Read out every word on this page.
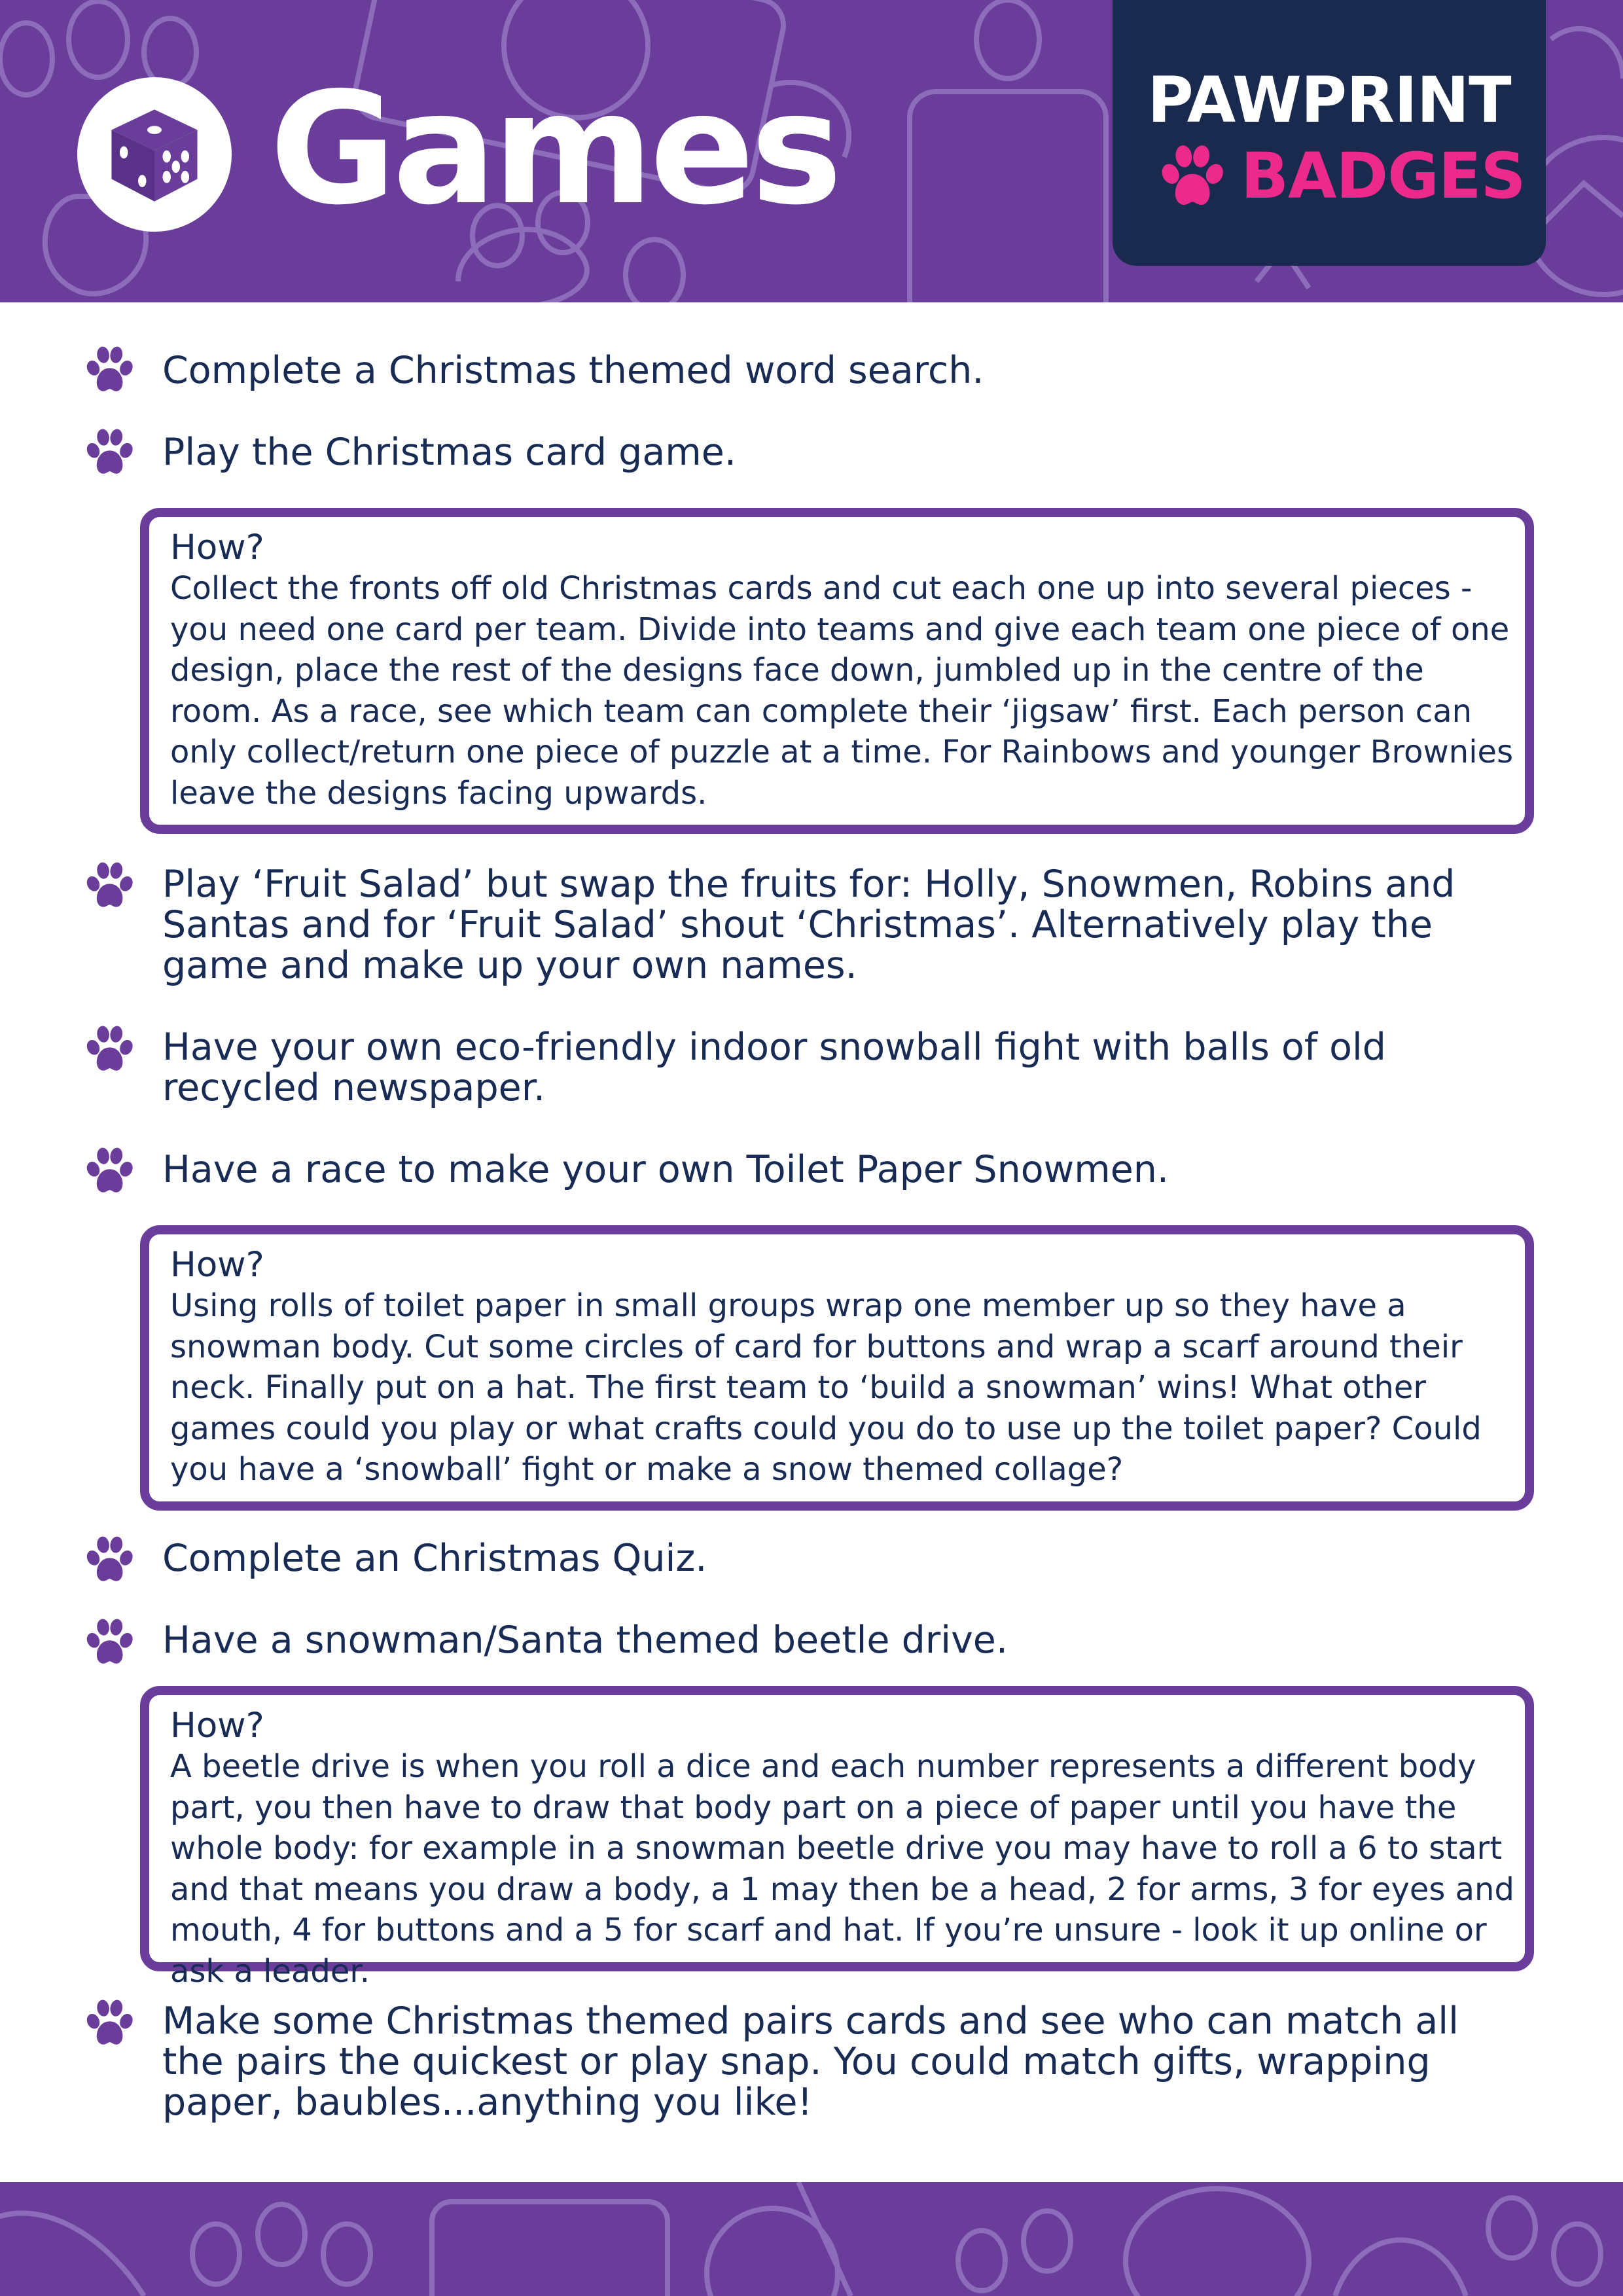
Games	PAWPRINT
BADGES

Complete a Christmas themed word search.

Play the Christmas card game.

How?

Collect the fronts off old Christmas cards and cut each one up into several pieces - you need one card per team. Divide into teams and give each team one piece of one design, place the rest of the designs face down, jumbled up in the centre of the room. As a race, see which team can complete their ‘jigsaw’ first. Each person can only collect/return one piece of puzzle at a time. For Rainbows and younger Brownies leave the designs facing upwards.

Play ‘Fruit Salad’ but swap the fruits for: Holly, Snowmen, Robins and Santas and for ‘Fruit Salad’ shout ‘Christmas’. Alternatively play the game and make up your own names.

Have your own eco-friendly indoor snowball fight with balls of old recycled newspaper.

Have a race to make your own Toilet Paper Snowmen.

How?

Using rolls of toilet paper in small groups wrap one member up so they have a snowman body. Cut some circles of card for buttons and wrap a scarf around their neck. Finally put on a hat. The first team to ‘build a snowman’ wins! What other games could you play or what crafts could you do to use up the toilet paper? Could you have a ‘snowball’ fight or make a snow themed collage?

Complete an Christmas Quiz.

Have a snowman/Santa themed beetle drive.

How?

A beetle drive is when you roll a dice and each number represents a different body part, you then have to draw that body part on a piece of paper until you have the whole body: for example in a snowman beetle drive you may have to roll a 6 to start and that means you draw a body, a 1 may then be a head, 2 for arms, 3 for eyes and mouth, 4 for buttons and a 5 for scarf and hat. If you’re unsure - look it up online or ask a leader.

Make some Christmas themed pairs cards and see who can match all the pairs the quickest or play snap. You could match gifts, wrapping paper, baubles...anything you like!
